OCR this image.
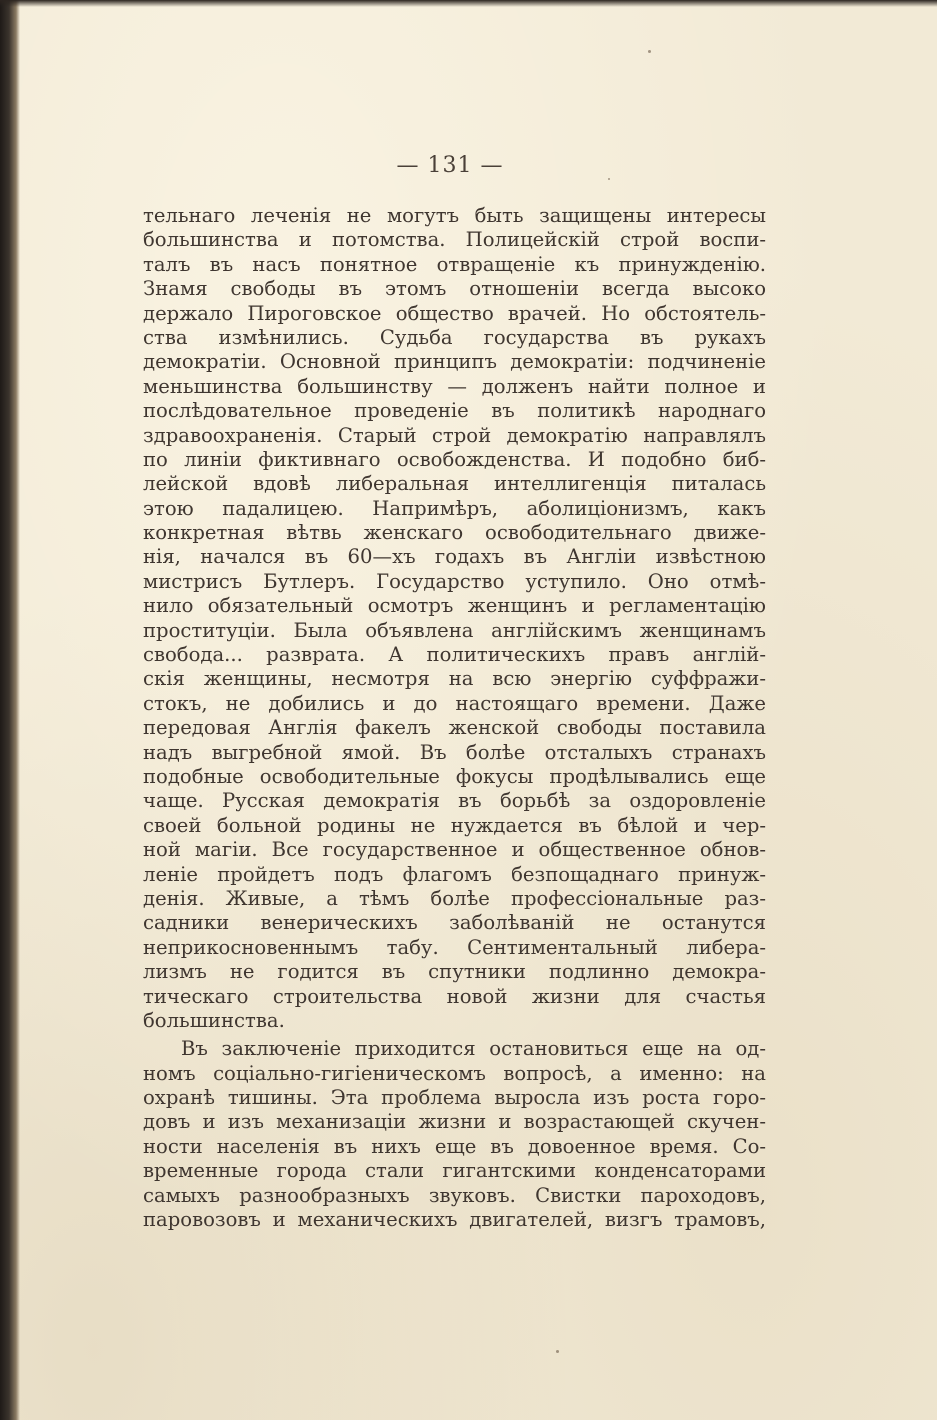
— 131 —
тельнаго леченія не могутъ быть защищены интересы
большинства и потомства. Полицейскій строй воспи-
талъ въ насъ понятное отвращеніе къ принужденію.
Знамя свободы въ этомъ отношеніи всегда высоко
держало Пироговское общество врачей. Но обстоятель-
ства измѣнились. Судьба государства въ рукахъ
демократіи. Основной принципъ демократіи: подчиненіе
меньшинства большинству — долженъ найти полное и
послѣдовательное проведеніе въ политикѣ народнаго
здравоохраненія. Старый строй демократію направлялъ
по линіи фиктивнаго освобожденства. И подобно биб-
лейской вдовѣ либеральная интеллигенція питалась
этою падалицею. Напримѣръ, аболиціонизмъ, какъ
конкретная вѣтвь женскаго освободительнаго движе-
нія, начался въ 60—хъ годахъ въ Англіи извѣстною
мистрисъ Бутлеръ. Государство уступило. Оно отмѣ-
нило обязательный осмотръ женщинъ и регламентацію
проституціи. Была объявлена англійскимъ женщинамъ
свобода... разврата. А политическихъ правъ англій-
скія женщины, несмотря на всю энергію суффражи-
стокъ, не добились и до настоящаго времени. Даже
передовая Англія факелъ женской свободы поставила
надъ выгребной ямой. Въ болѣе отсталыхъ странахъ
подобные освободительные фокусы продѣлывались еще
чаще. Русская демократія въ борьбѣ за оздоровленіе
своей больной родины не нуждается въ бѣлой и чер-
ной магіи. Все государственное и общественное обнов-
леніе пройдетъ подъ флагомъ безпощаднаго принуж-
денія. Живые, а тѣмъ болѣе профессіональные раз-
садники венерическихъ заболѣваній не останутся
неприкосновеннымъ табу. Сентиментальный либера-
лизмъ не годится въ спутники подлинно демокра-
тическаго строительства новой жизни для счастья
большинства.
Въ заключеніе приходится остановиться еще на од-
номъ соціально-гигіеническомъ вопросѣ, а именно: на
охранѣ тишины. Эта проблема выросла изъ роста горо-
довъ и изъ механизаціи жизни и возрастающей скучен-
ности населенія въ нихъ еще въ довоенное время. Со-
временные города стали гигантскими конденсаторами
самыхъ разнообразныхъ звуковъ. Свистки пароходовъ,
паровозовъ и механическихъ двигателей, визгъ трамовъ,
